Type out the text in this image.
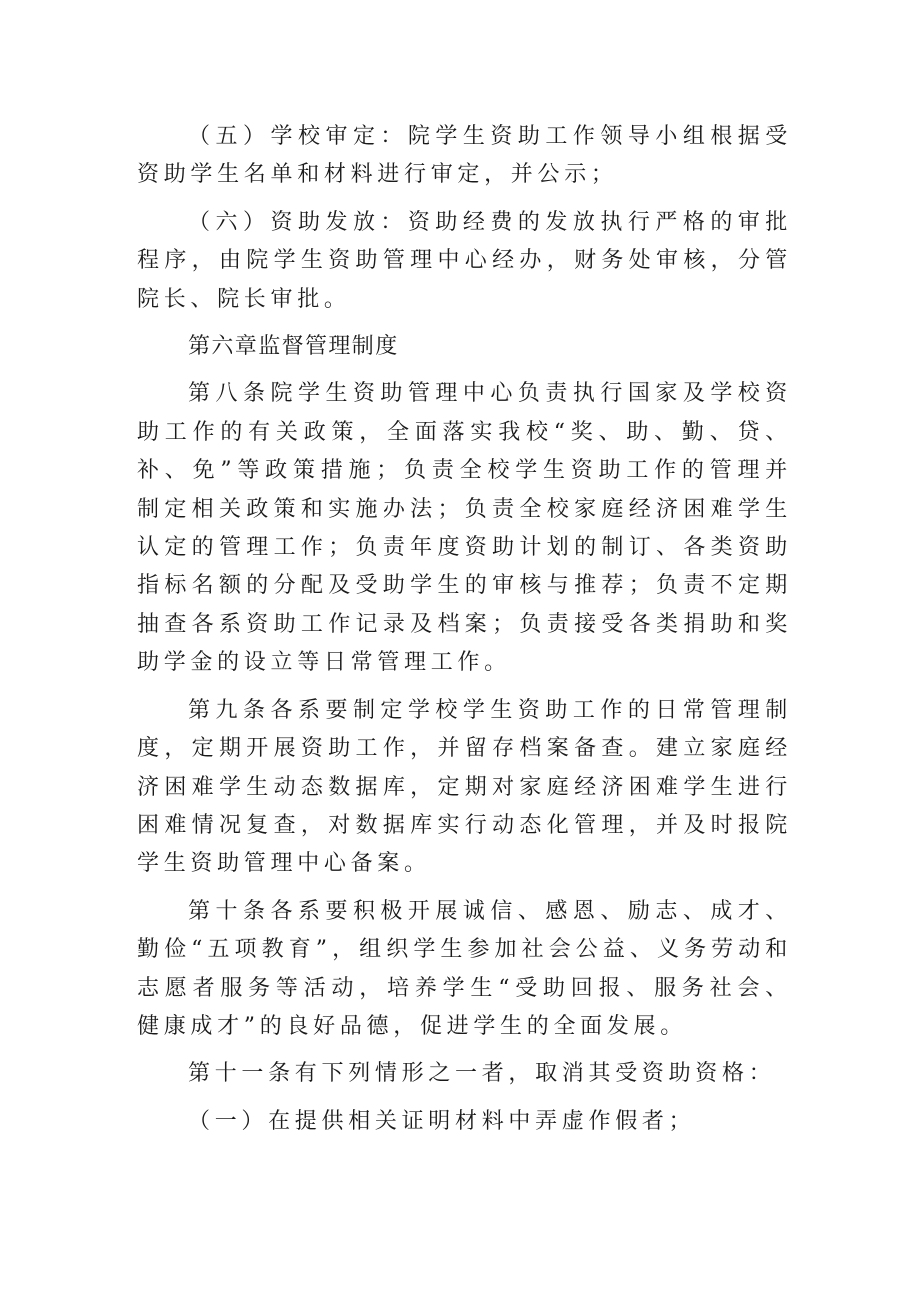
（五）学校审定：院学生资助工作领导小组根据受资助学生名单和材料进行审定，并公示；

（六）资助发放：资助经费的发放执行严格的审批程序，由院学生资助管理中心经办，财务处审核，分管院长、院长审批。

第六章监督管理制度

第八条院学生资助管理中心负责执行国家及学校资助工作的有关政策，全面落实我校“奖、助、勤、贷、补、免”等政策措施；负责全校学生资助工作的管理并制定相关政策和实施办法；负责全校家庭经济困难学生认定的管理工作；负责年度资助计划的制订、各类资助指标名额的分配及受助学生的审核与推荐；负责不定期抽查各系资助工作记录及档案；负责接受各类捐助和奖助学金的设立等日常管理工作。

第九条各系要制定学校学生资助工作的日常管理制度，定期开展资助工作，并留存档案备查。建立家庭经济困难学生动态数据库，定期对家庭经济困难学生进行困难情况复查，对数据库实行动态化管理，并及时报院学生资助管理中心备案。

第十条各系要积极开展诚信、感恩、励志、成才、勤俭“五项教育”，组织学生参加社会公益、义务劳动和志愿者服务等活动，培养学生“受助回报、服务社会、健康成才”的良好品德，促进学生的全面发展。

第十一条有下列情形之一者，取消其受资助资格：

（一）在提供相关证明材料中弄虚作假者；
